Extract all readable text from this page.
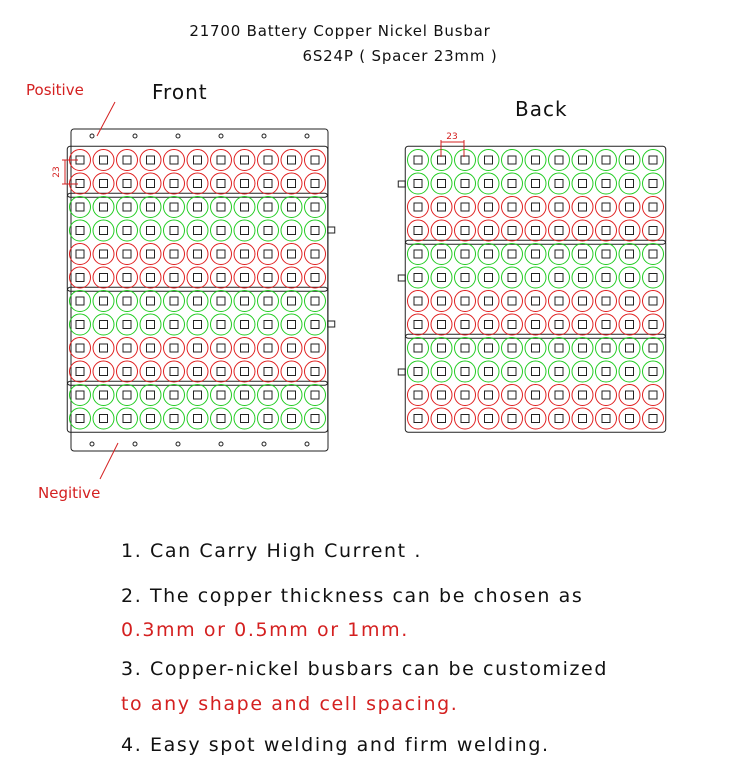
21700 Battery Copper Nickel Busbar
6S24P ( Spacer 23mm )
Front
Back
Positive
Negitive
23
23
1. Can Carry High Current .
2. The copper thickness can be chosen as
0.3mm or 0.5mm or 1mm.
3. Copper-nickel busbars can be customized
to any shape and cell spacing.
4. Easy spot welding and firm welding.
